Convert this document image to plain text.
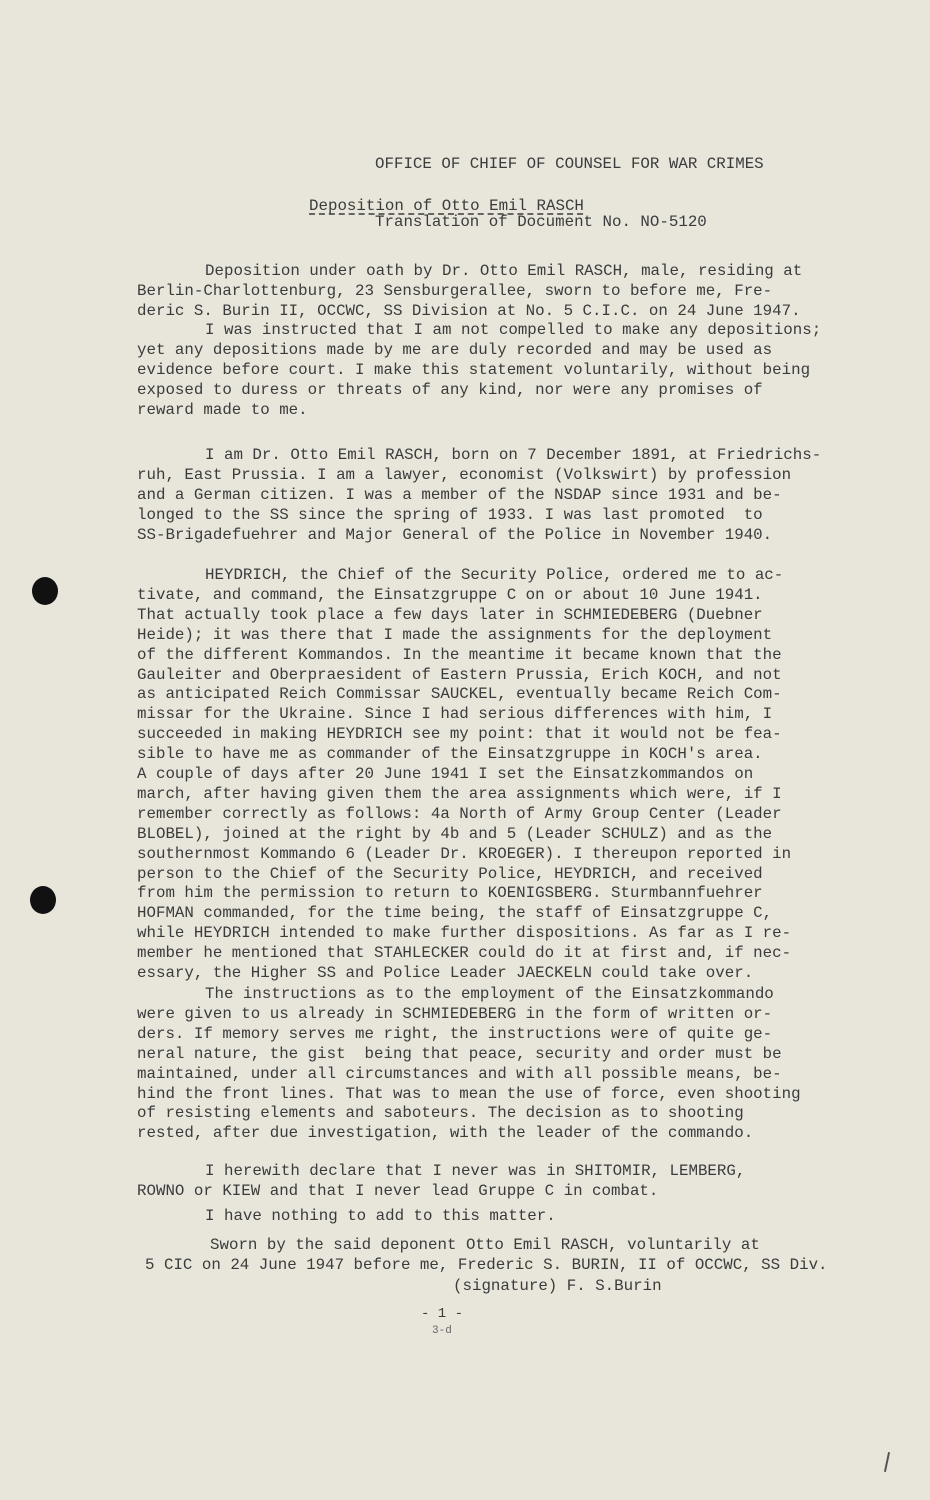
OFFICE OF CHIEF OF COUNSEL FOR WAR CRIMES

Translation of Document No. NO-5120

Deposition of Otto Emil RASCH
Deposition under oath by Dr. Otto Emil RASCH, male, residing at
Berlin-Charlottenburg, 23 Sensburgerallee, sworn to before me, Fre-
deric S. Burin II, OCCWC, SS Division at No. 5 C.I.C. on 24 June 1947.
I was instructed that I am not compelled to make any depositions;
yet any depositions made by me are duly recorded and may be used as
evidence before court. I make this statement voluntarily, without being
exposed to duress or threats of any kind, nor were any promises of
reward made to me.
I am Dr. Otto Emil RASCH, born on 7 December 1891, at Friedrichs-
ruh, East Prussia. I am a lawyer, economist (Volkswirt) by profession
and a German citizen. I was a member of the NSDAP since 1931 and be-
longed to the SS since the spring of 1933. I was last promoted  to
SS-Brigadefuehrer and Major General of the Police in November 1940.
HEYDRICH, the Chief of the Security Police, ordered me to ac-
tivate, and command, the Einsatzgruppe C on or about 10 June 1941.
That actually took place a few days later in SCHMIEDEBERG (Duebner
Heide); it was there that I made the assignments for the deployment
of the different Kommandos. In the meantime it became known that the
Gauleiter and Oberpraesident of Eastern Prussia, Erich KOCH, and not
as anticipated Reich Commissar SAUCKEL, eventually became Reich Com-
missar for the Ukraine. Since I had serious differences with him, I
succeeded in making HEYDRICH see my point: that it would not be fea-
sible to have me as commander of the Einsatzgruppe in KOCH's area.
A couple of days after 20 June 1941 I set the Einsatzkommandos on
march, after having given them the area assignments which were, if I
remember correctly as follows: 4a North of Army Group Center (Leader
BLOBEL), joined at the right by 4b and 5 (Leader SCHULZ) and as the
southernmost Kommando 6 (Leader Dr. KROEGER). I thereupon reported in
person to the Chief of the Security Police, HEYDRICH, and received
from him the permission to return to KOENIGSBERG. Sturmbannfuehrer
HOFMAN commanded, for the time being, the staff of Einsatzgruppe C,
while HEYDRICH intended to make further dispositions. As far as I re-
member he mentioned that STAHLECKER could do it at first and, if nec-
essary, the Higher SS and Police Leader JAECKELN could take over.
The instructions as to the employment of the Einsatzkommando
were given to us already in SCHMIEDEBERG in the form of written or-
ders. If memory serves me right, the instructions were of quite ge-
neral nature, the gist  being that peace, security and order must be
maintained, under all circumstances and with all possible means, be-
hind the front lines. That was to mean the use of force, even shooting
of resisting elements and saboteurs. The decision as to shooting
rested, after due investigation, with the leader of the commando.
I herewith declare that I never was in SHITOMIR, LEMBERG,
ROWNO or KIEW and that I never lead Gruppe C in combat.
I have nothing to add to this matter.
Sworn by the said deponent Otto Emil RASCH, voluntarily at
5 CIC on 24 June 1947 before me, Frederic S. BURIN, II of OCCWC, SS Div.
(signature) F. S.Burin
- 1 -
3-d
